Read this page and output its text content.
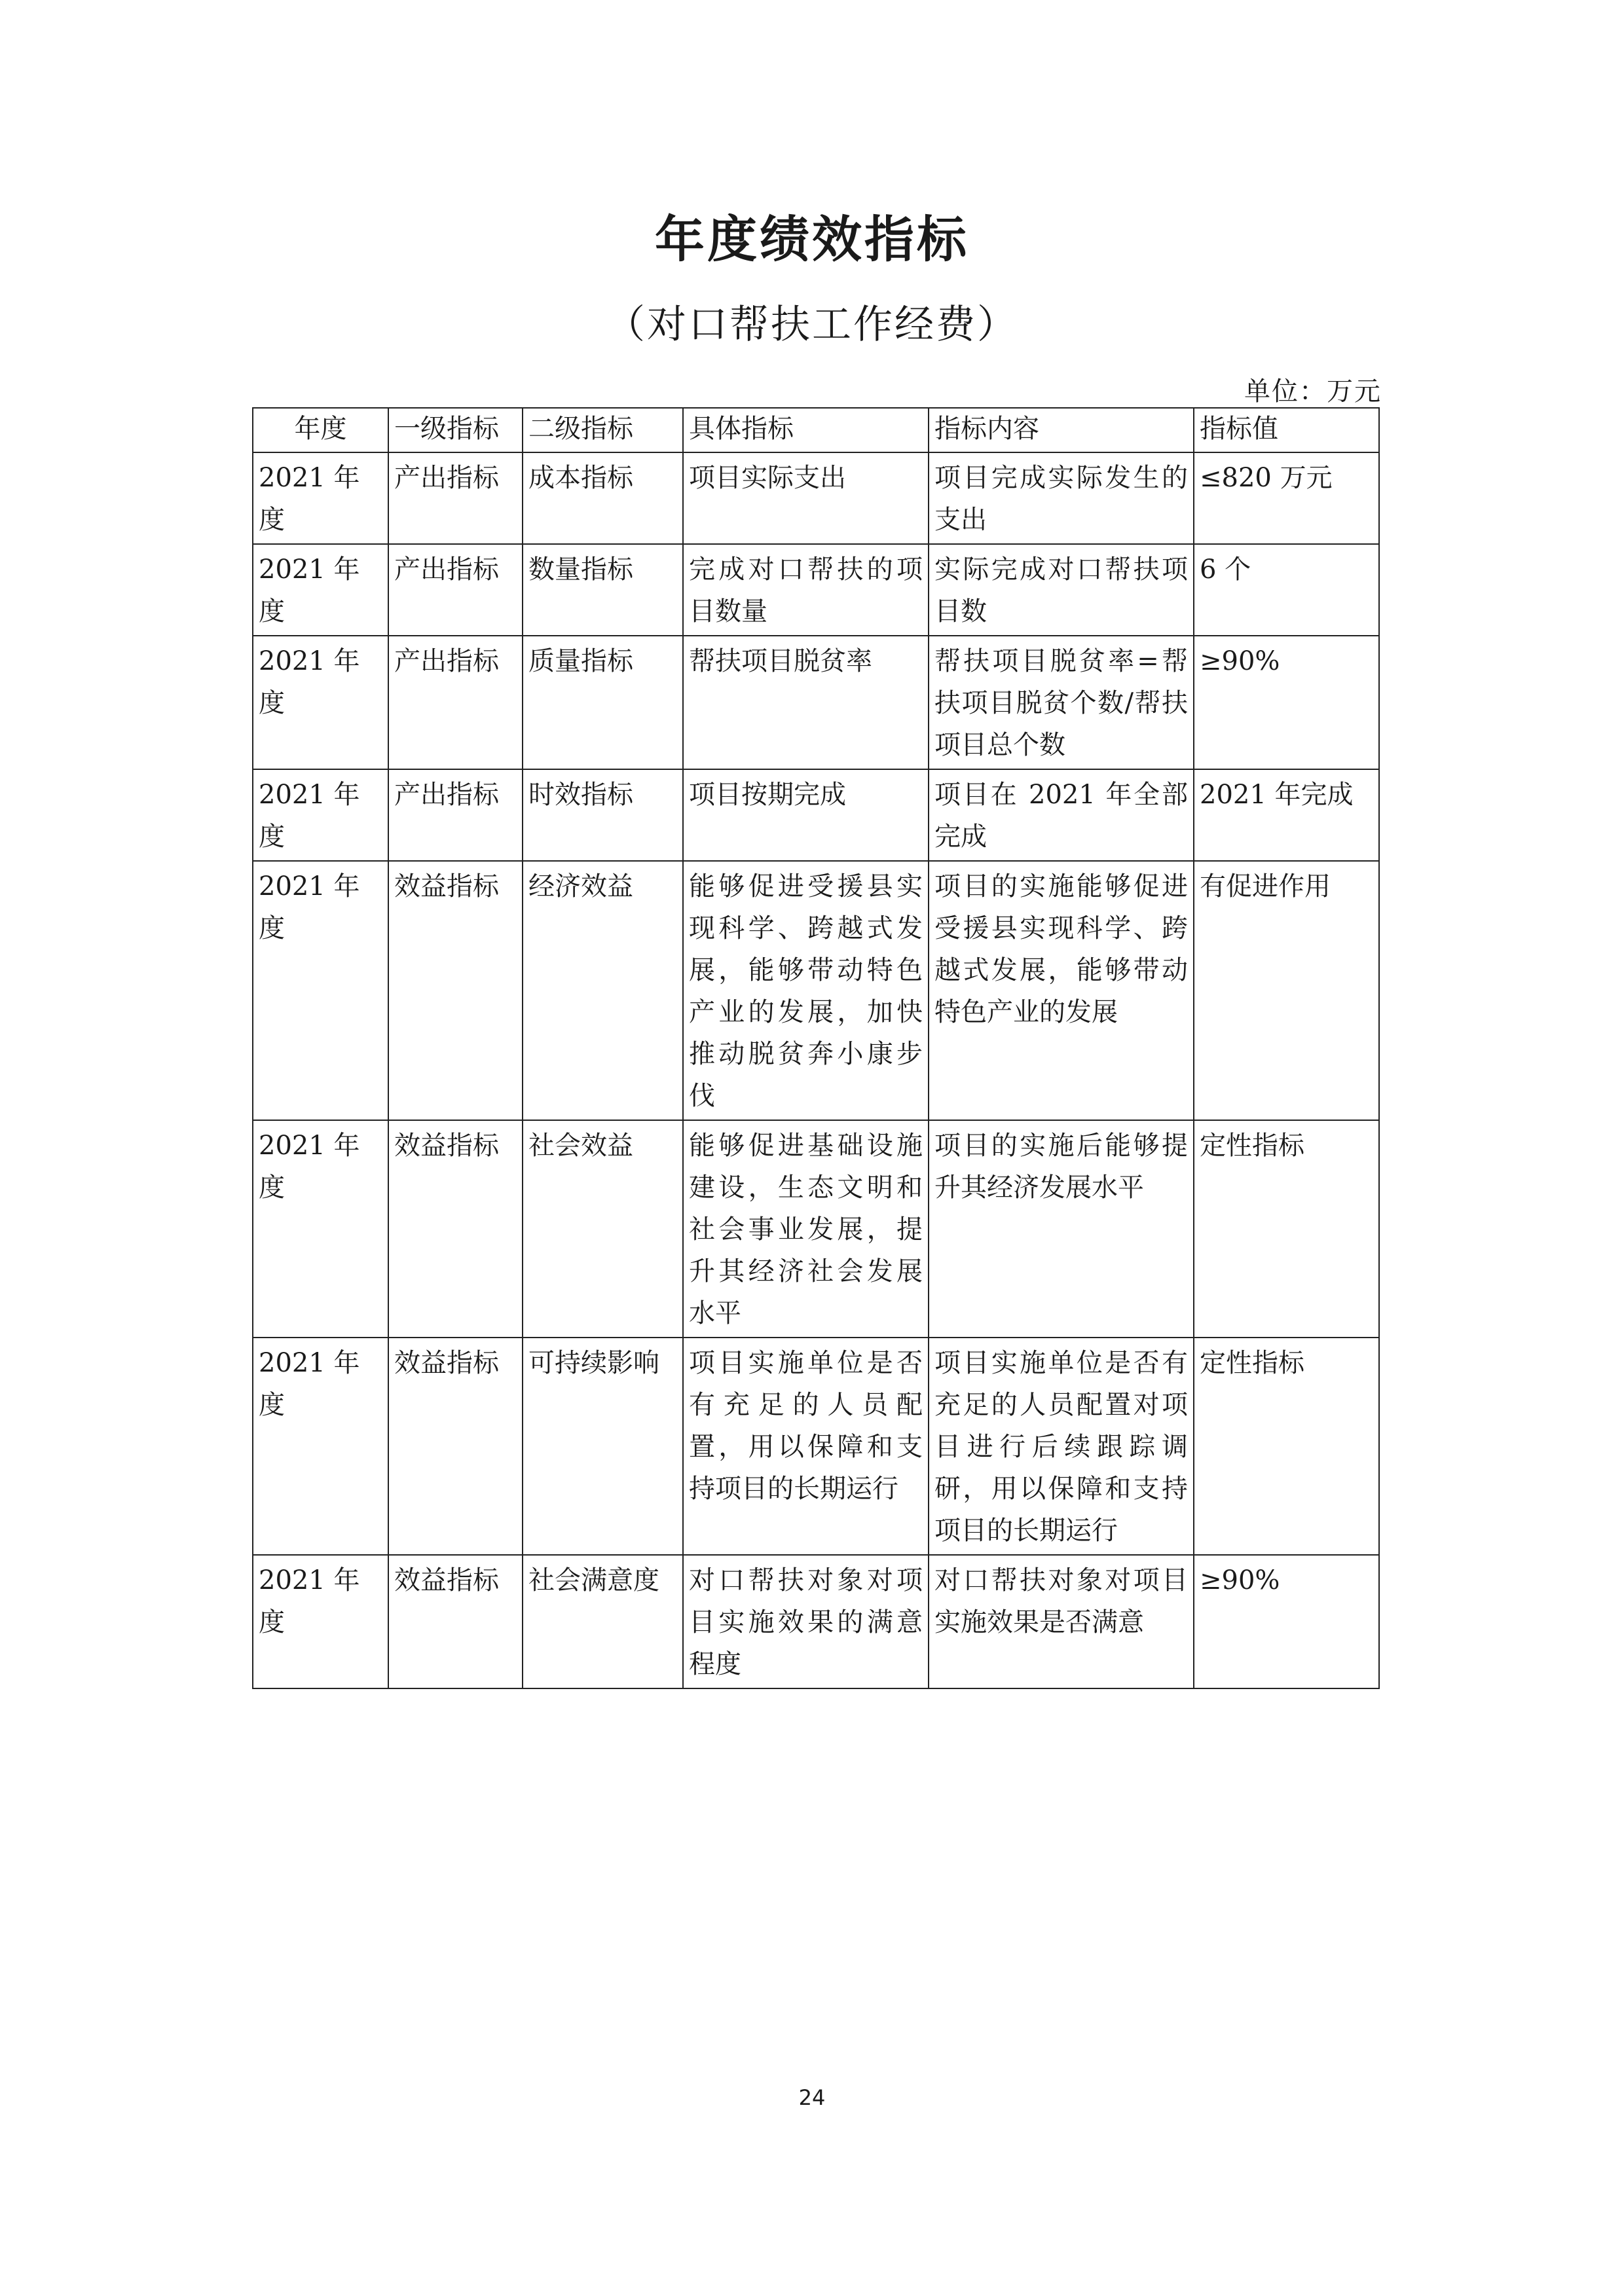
年度绩效指标
（对口帮扶工作经费）
单位：万元
年度	一级指标	二级指标	具体指标	指标内容	指标值
2021 年度	产出指标	成本指标	项目实际支出	项目完成实际发生的支出	≤820 万元
2021 年度	产出指标	数量指标	完成对口帮扶的项目数量	实际完成对口帮扶项目数	6 个
2021 年度	产出指标	质量指标	帮扶项目脱贫率	帮扶项目脱贫率=帮扶项目脱贫个数/帮扶项目总个数	≥90%
2021 年度	产出指标	时效指标	项目按期完成	项目在 2021 年全部完成	2021 年完成
2021 年度	效益指标	经济效益	能够促进受援县实现科学、跨越式发展，能够带动特色产业的发展，加快推动脱贫奔小康步伐	项目的实施能够促进受援县实现科学、跨越式发展，能够带动特色产业的发展	有促进作用
2021 年度	效益指标	社会效益	能够促进基础设施建设，生态文明和社会事业发展，提升其经济社会发展水平	项目的实施后能够提升其经济发展水平	定性指标
2021 年度	效益指标	可持续影响	项目实施单位是否有充足的人员配置，用以保障和支持项目的长期运行	项目实施单位是否有充足的人员配置对项目进行后续跟踪调研，用以保障和支持项目的长期运行	定性指标
2021 年度	效益指标	社会满意度	对口帮扶对象对项目实施效果的满意程度	对口帮扶对象对项目实施效果是否满意	≥90%
24
